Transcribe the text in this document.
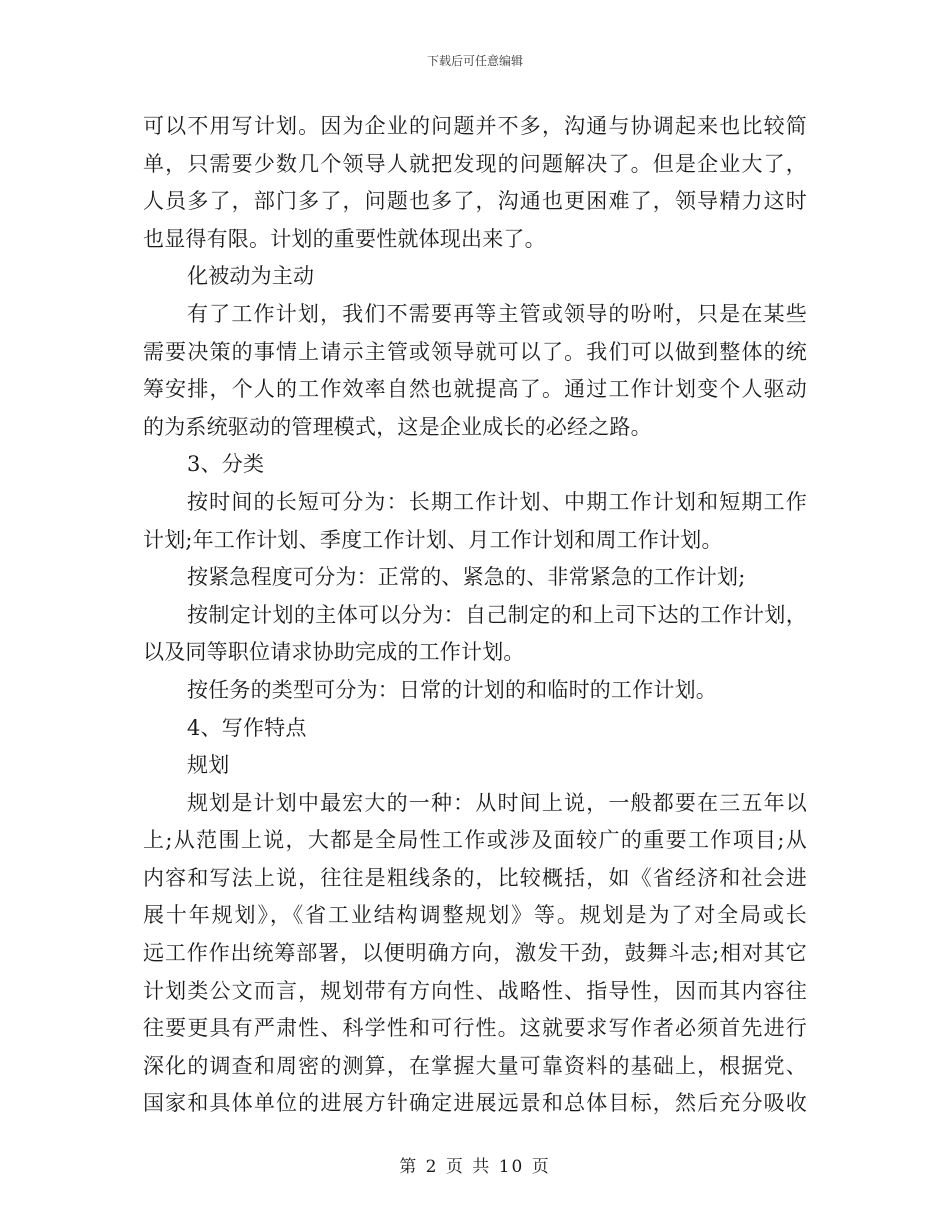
下载后可任意编辑
可以不用写计划。因为企业的问题并不多，沟通与协调起来也比较简
单，只需要少数几个领导人就把发现的问题解决了。但是企业大了，
人员多了，部门多了，问题也多了，沟通也更困难了，领导精力这时
也显得有限。计划的重要性就体现出来了。
化被动为主动
有了工作计划，我们不需要再等主管或领导的吩咐，只是在某些
需要决策的事情上请示主管或领导就可以了。我们可以做到整体的统
筹安排，个人的工作效率自然也就提高了。通过工作计划变个人驱动
的为系统驱动的管理模式，这是企业成长的必经之路。
3、分类
按时间的长短可分为：长期工作计划、中期工作计划和短期工作
计划;年工作计划、季度工作计划、月工作计划和周工作计划。
按紧急程度可分为：正常的、紧急的、非常紧急的工作计划;
按制定计划的主体可以分为：自己制定的和上司下达的工作计划，
以及同等职位请求协助完成的工作计划。
按任务的类型可分为：日常的计划的和临时的工作计划。
4、写作特点
规划
规划是计划中最宏大的一种：从时间上说，一般都要在三五年以
上;从范围上说，大都是全局性工作或涉及面较广的重要工作项目;从
内容和写法上说，往往是粗线条的，比较概括，如《省经济和社会进
展十年规划》，《省工业结构调整规划》等。规划是为了对全局或长
远工作作出统筹部署，以便明确方向，激发干劲，鼓舞斗志;相对其它
计划类公文而言，规划带有方向性、战略性、指导性，因而其内容往
往要更具有严肃性、科学性和可行性。这就要求写作者必须首先进行
深化的调查和周密的测算，在掌握大量可靠资料的基础上，根据党、
国家和具体单位的进展方针确定进展远景和总体目标，然后充分吸收
第 2 页 共 10 页
